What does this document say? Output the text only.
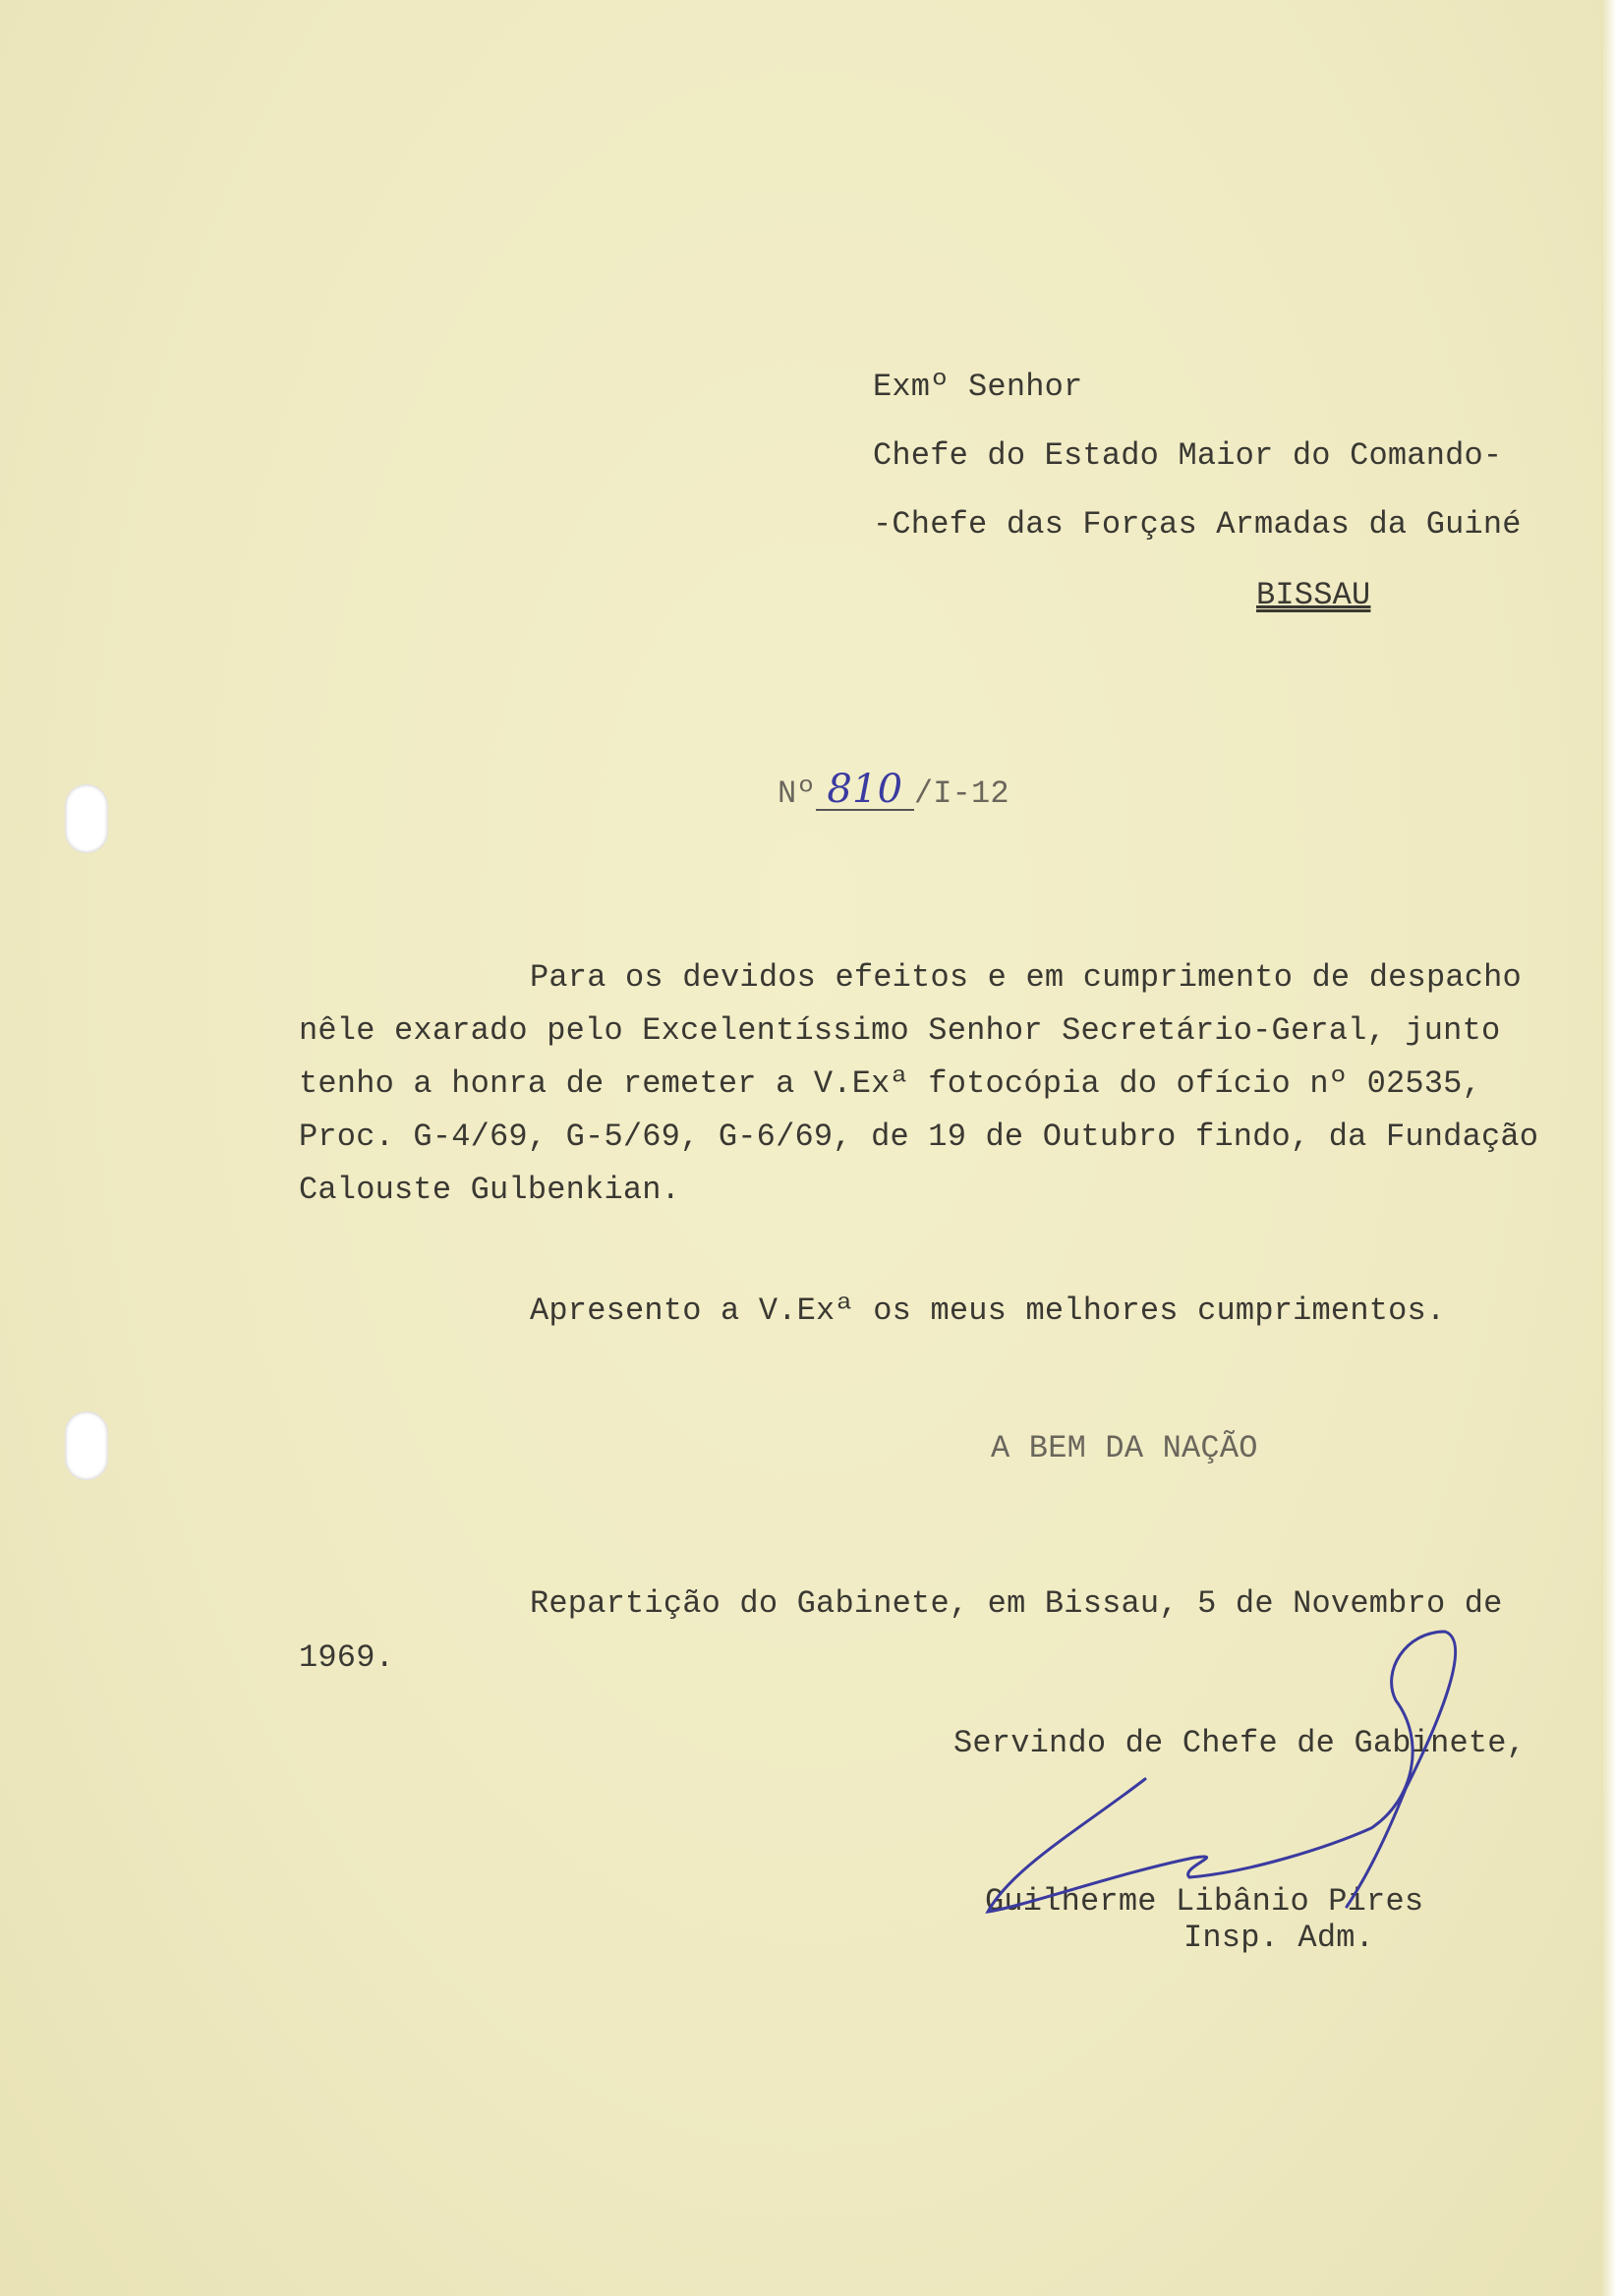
Exmº Senhor
Chefe do Estado Maior do Comando-
-Chefe das Forças Armadas da Guiné
BISSAU
Nº 810 /I-12
Para os devidos efeitos e em cumprimento de despacho
nêle exarado pelo Excelentíssimo Senhor Secretário-Geral, junto
tenho a honra de remeter a V.Exª fotocópia do ofício nº 02535,
Proc. G-4/69, G-5/69, G-6/69, de 19 de Outubro findo, da Fundação
Calouste Gulbenkian.
Apresento a V.Exª os meus melhores cumprimentos.
A BEM DA NAÇÃO
Repartição do Gabinete, em Bissau, 5 de Novembro de
1969.
Servindo de Chefe de Gabinete,
Guilherme Libânio Pires
Insp. Adm.
